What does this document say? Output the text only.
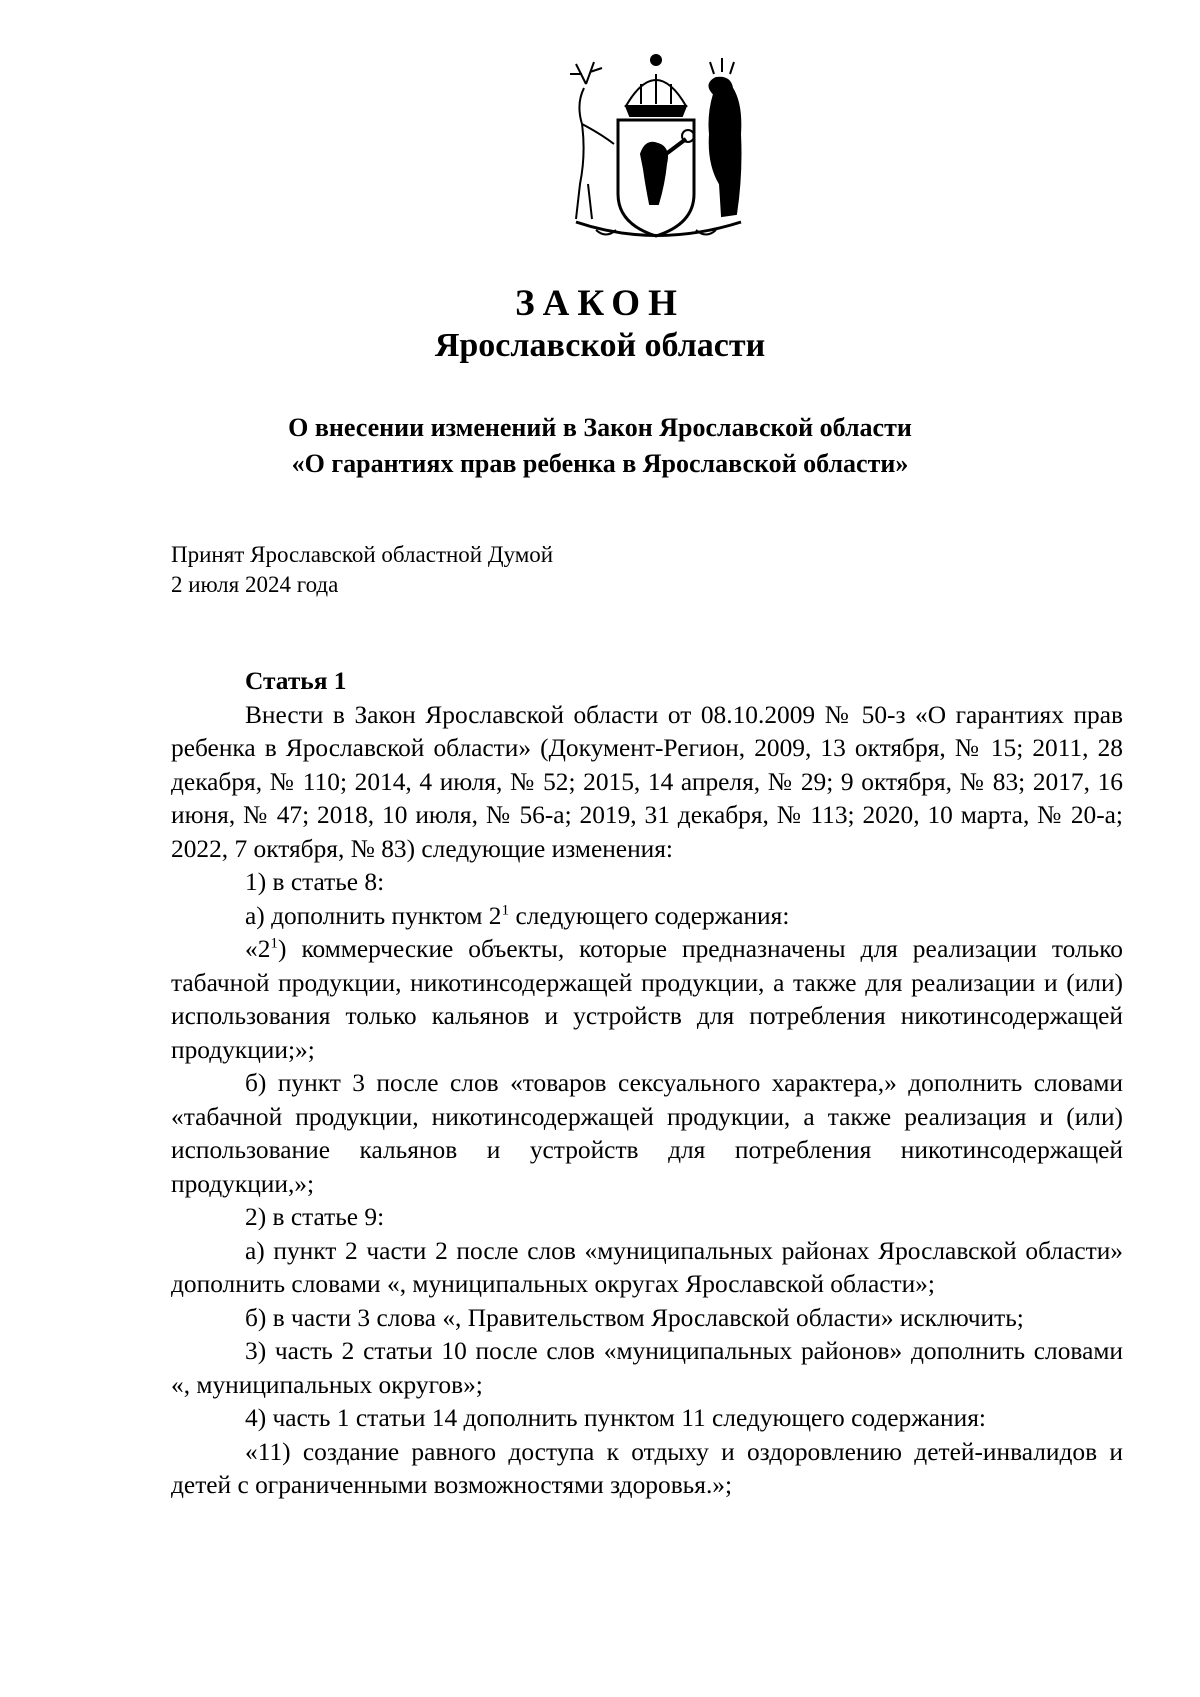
ЗАКОН
Ярославской области
О внесении изменений в Закон Ярославской области
«О гарантиях прав ребенка в Ярославской области»
Принят Ярославской областной Думой
2 июля 2024 года
Статья 1

Внести в Закон Ярославской области от 08.10.2009 № 50-з «О гарантиях прав ребенка в Ярославской области» (Документ-Регион, 2009, 13 октября, № 15; 2011, 28 декабря, № 110; 2014, 4 июля, № 52; 2015, 14 апреля, № 29; 9 октября, № 83; 2017, 16 июня, № 47; 2018, 10 июля, № 56-а; 2019, 31 декабря, № 113; 2020, 10 марта, № 20-а; 2022, 7 октября, № 83) следующие изменения:

1) в статье 8:

а) дополнить пунктом $2^1$ следующего содержания:

«$2^1$) коммерческие объекты, которые предназначены для реализации только табачной продукции, никотинсодержащей продукции, а также для реализации и (или) использования только кальянов и устройств для потребления никотинсодержащей продукции;»;

б) пункт 3 после слов «товаров сексуального характера,» дополнить словами «табачной продукции, никотинсодержащей продукции, а также реализация и (или) использование кальянов и устройств для потребления никотинсодержащей продукции,»;

2) в статье 9:

а) пункт 2 части 2 после слов «муниципальных районах Ярославской области» дополнить словами «, муниципальных округах Ярославской области»;

б) в части 3 слова «, Правительством Ярославской области» исключить;

3) часть 2 статьи 10 после слов «муниципальных районов» дополнить словами «, муниципальных округов»;

4) часть 1 статьи 14 дополнить пунктом 11 следующего содержания:

«11) создание равного доступа к отдыху и оздоровлению детей-инвалидов и детей с ограниченными возможностями здоровья.»;
